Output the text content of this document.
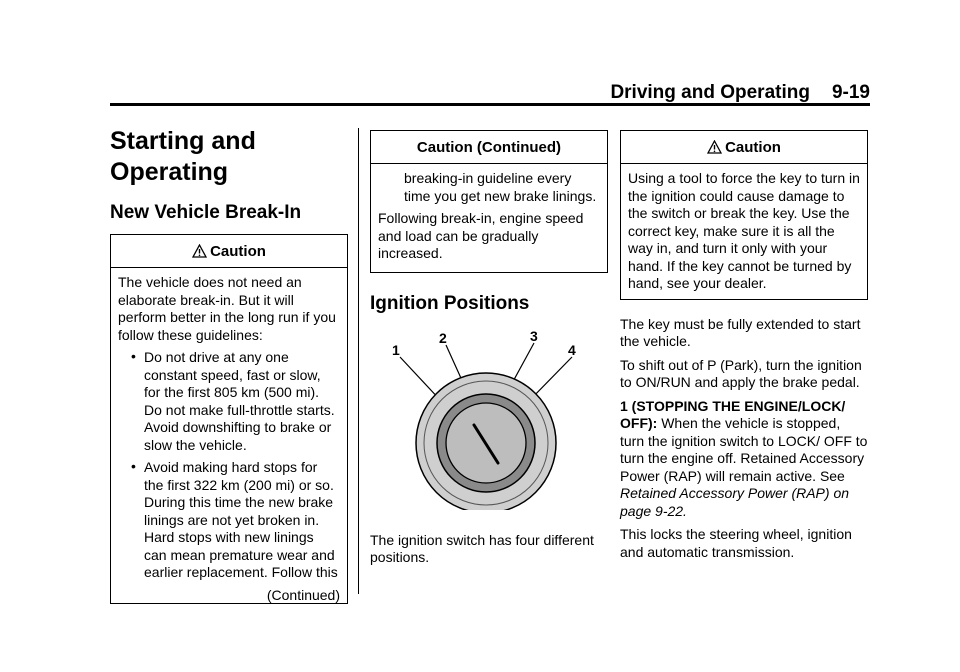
Driving and Operating 9-19
Starting and Operating
New Vehicle Break-In
Caution

The vehicle does not need an elaborate break-in. But it will perform better in the long run if you follow these guidelines:

• Do not drive at any one constant speed, fast or slow, for the first 805 km (500 mi). Do not make full-throttle starts. Avoid downshifting to brake or slow the vehicle.

• Avoid making hard stops for the first 322 km (200 mi) or so. During this time the new brake linings are not yet broken in. Hard stops with new linings can mean premature wear and earlier replacement. Follow this

(Continued)

Caution (Continued)

breaking-in guideline every time you get new brake linings.

Following break-in, engine speed and load can be gradually increased.

Ignition Positions
1
2	3
4

The ignition switch has four different positions.

Caution

Using a tool to force the key to turn in the ignition could cause damage to the switch or break the key. Use the correct key, make sure it is all the way in, and turn it only with your hand. If the key cannot be turned by hand, see your dealer.

The key must be fully extended to start the vehicle.

To shift out of P (Park), turn the ignition to ON/RUN and apply the brake pedal.

1 (STOPPING THE ENGINE/LOCK/ OFF): When the vehicle is stopped, turn the ignition switch to LOCK/ OFF to turn the engine off. Retained Accessory Power (RAP) will remain active. See Retained Accessory Power (RAP) on page 9-22.

This locks the steering wheel, ignition and automatic transmission.
